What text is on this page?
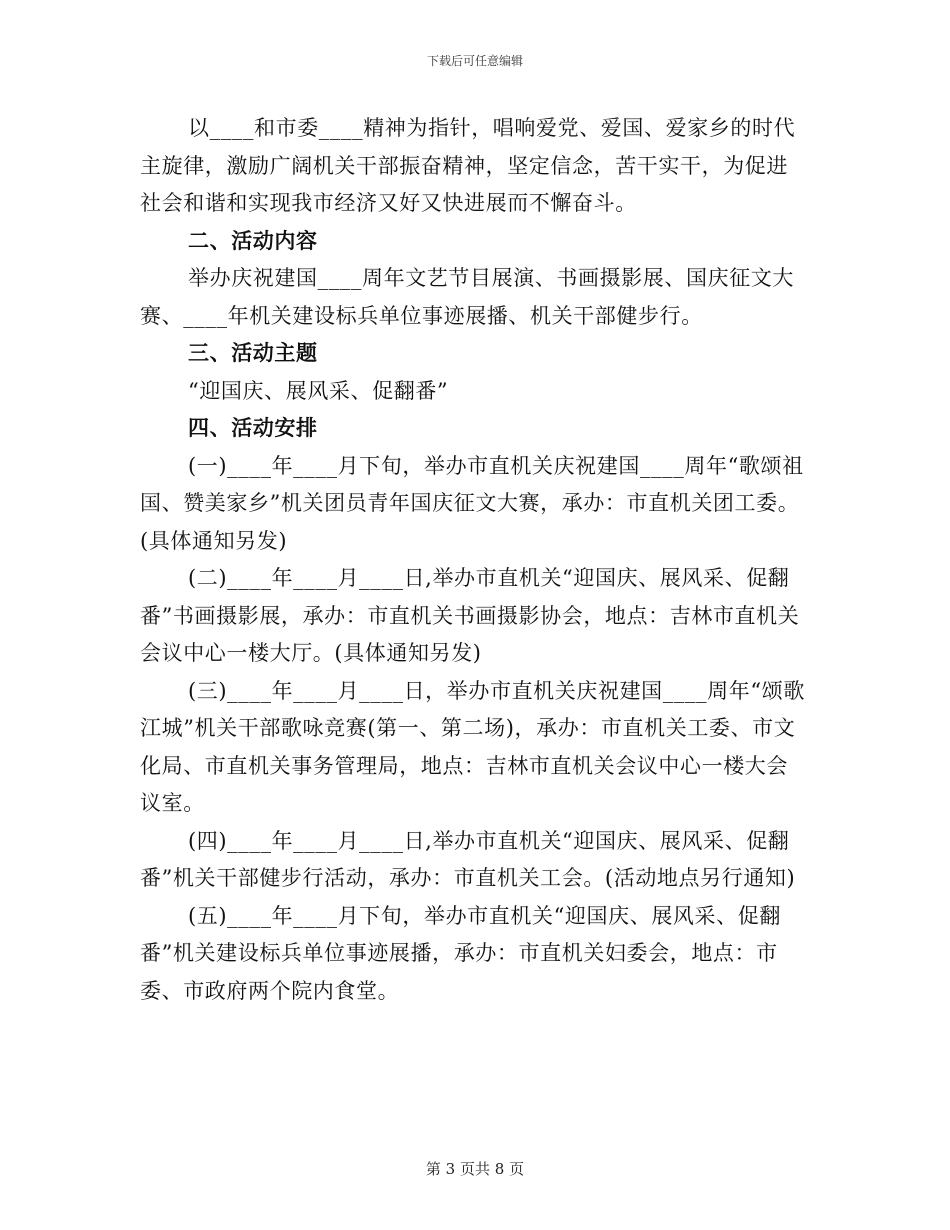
下载后可任意编辑

以____和市委____精神为指针，唱响爱党、爱国、爱家乡的时代主旋律，激励广阔机关干部振奋精神，坚定信念，苦干实干，为促进社会和谐和实现我市经济又好又快进展而不懈奋斗。

二、活动内容

举办庆祝建国____周年文艺节目展演、书画摄影展、国庆征文大赛、____年机关建设标兵单位事迹展播、机关干部健步行。

三、活动主题

“迎国庆、展风采、促翻番”

四、活动安排

(一)____年____月下旬，举办市直机关庆祝建国____周年“歌颂祖国、赞美家乡”机关团员青年国庆征文大赛，承办：市直机关团工委。(具体通知另发)

(二)____年____月____日,举办市直机关“迎国庆、展风采、促翻番”书画摄影展，承办：市直机关书画摄影协会，地点：吉林市直机关会议中心一楼大厅。(具体通知另发)

(三)____年____月____日，举办市直机关庆祝建国____周年“颂歌江城”机关干部歌咏竞赛(第一、第二场)，承办：市直机关工委、市文化局、市直机关事务管理局，地点：吉林市直机关会议中心一楼大会议室。

(四)____年____月____日,举办市直机关“迎国庆、展风采、促翻番”机关干部健步行活动，承办：市直机关工会。(活动地点另行通知)

(五)____年____月下旬，举办市直机关“迎国庆、展风采、促翻番”机关建设标兵单位事迹展播，承办：市直机关妇委会，地点：市委、市政府两个院内食堂。

第 3 页共 8 页
